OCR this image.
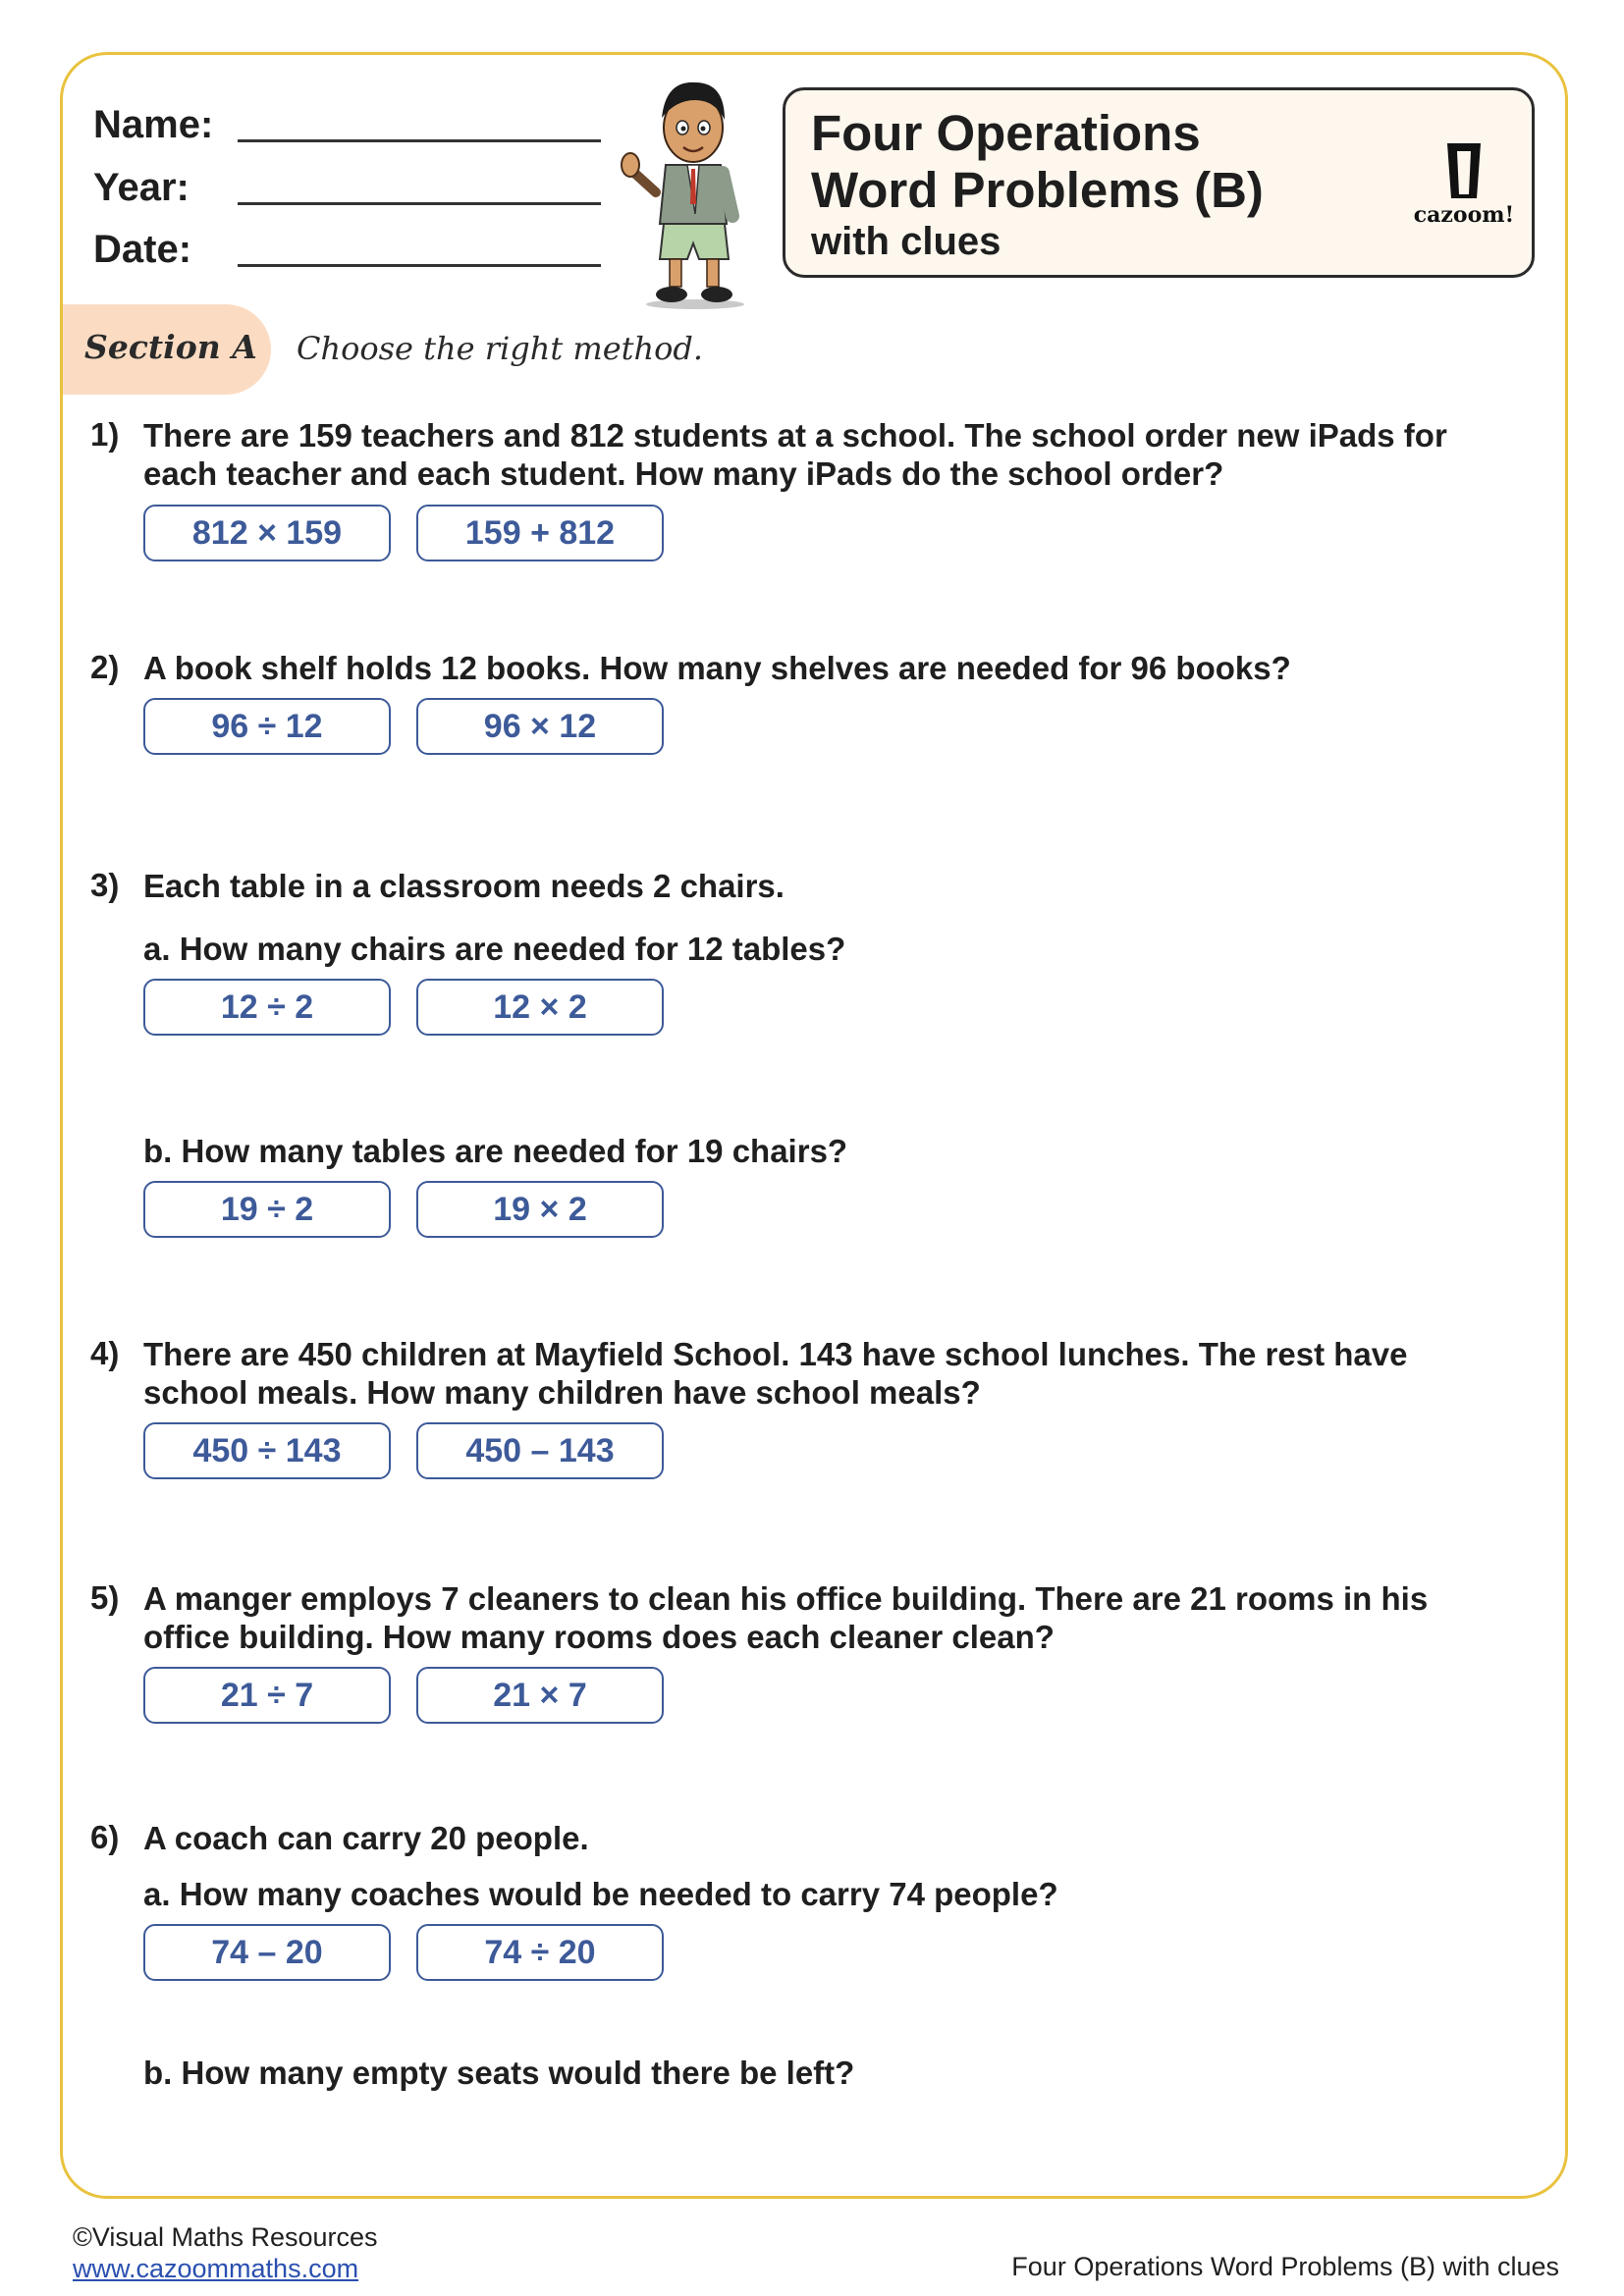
Name:
Year:
Date:
Four Operations
Word Problems (B)
with clues
cazoom!
Section A Choose the right method.
1) There are 159 teachers and 812 students at a school. The school order new iPads for
each teacher and each student. How many iPads do the school order?
812 × 159	159 + 812
2) A book shelf holds 12 books. How many shelves are needed for 96 books?
96 ÷ 12	96 × 12
3) Each table in a classroom needs 2 chairs.
a. How many chairs are needed for 12 tables?
12 ÷ 2	12 × 2
b. How many tables are needed for 19 chairs?
19 ÷ 2	19 × 2
4) There are 450 children at Mayfield School. 143 have school lunches. The rest have
school meals. How many children have school meals?
450 ÷ 143	450 – 143
5) A manger employs 7 cleaners to clean his office building. There are 21 rooms in his
office building. How many rooms does each cleaner clean?
21 ÷ 7	21 × 7
6) A coach can carry 20 people.
a. How many coaches would be needed to carry 74 people?
74 – 20	74 ÷ 20
b. How many empty seats would there be left?
©Visual Maths Resources
www.cazoommaths.com	Four Operations Word Problems (B) with clues
